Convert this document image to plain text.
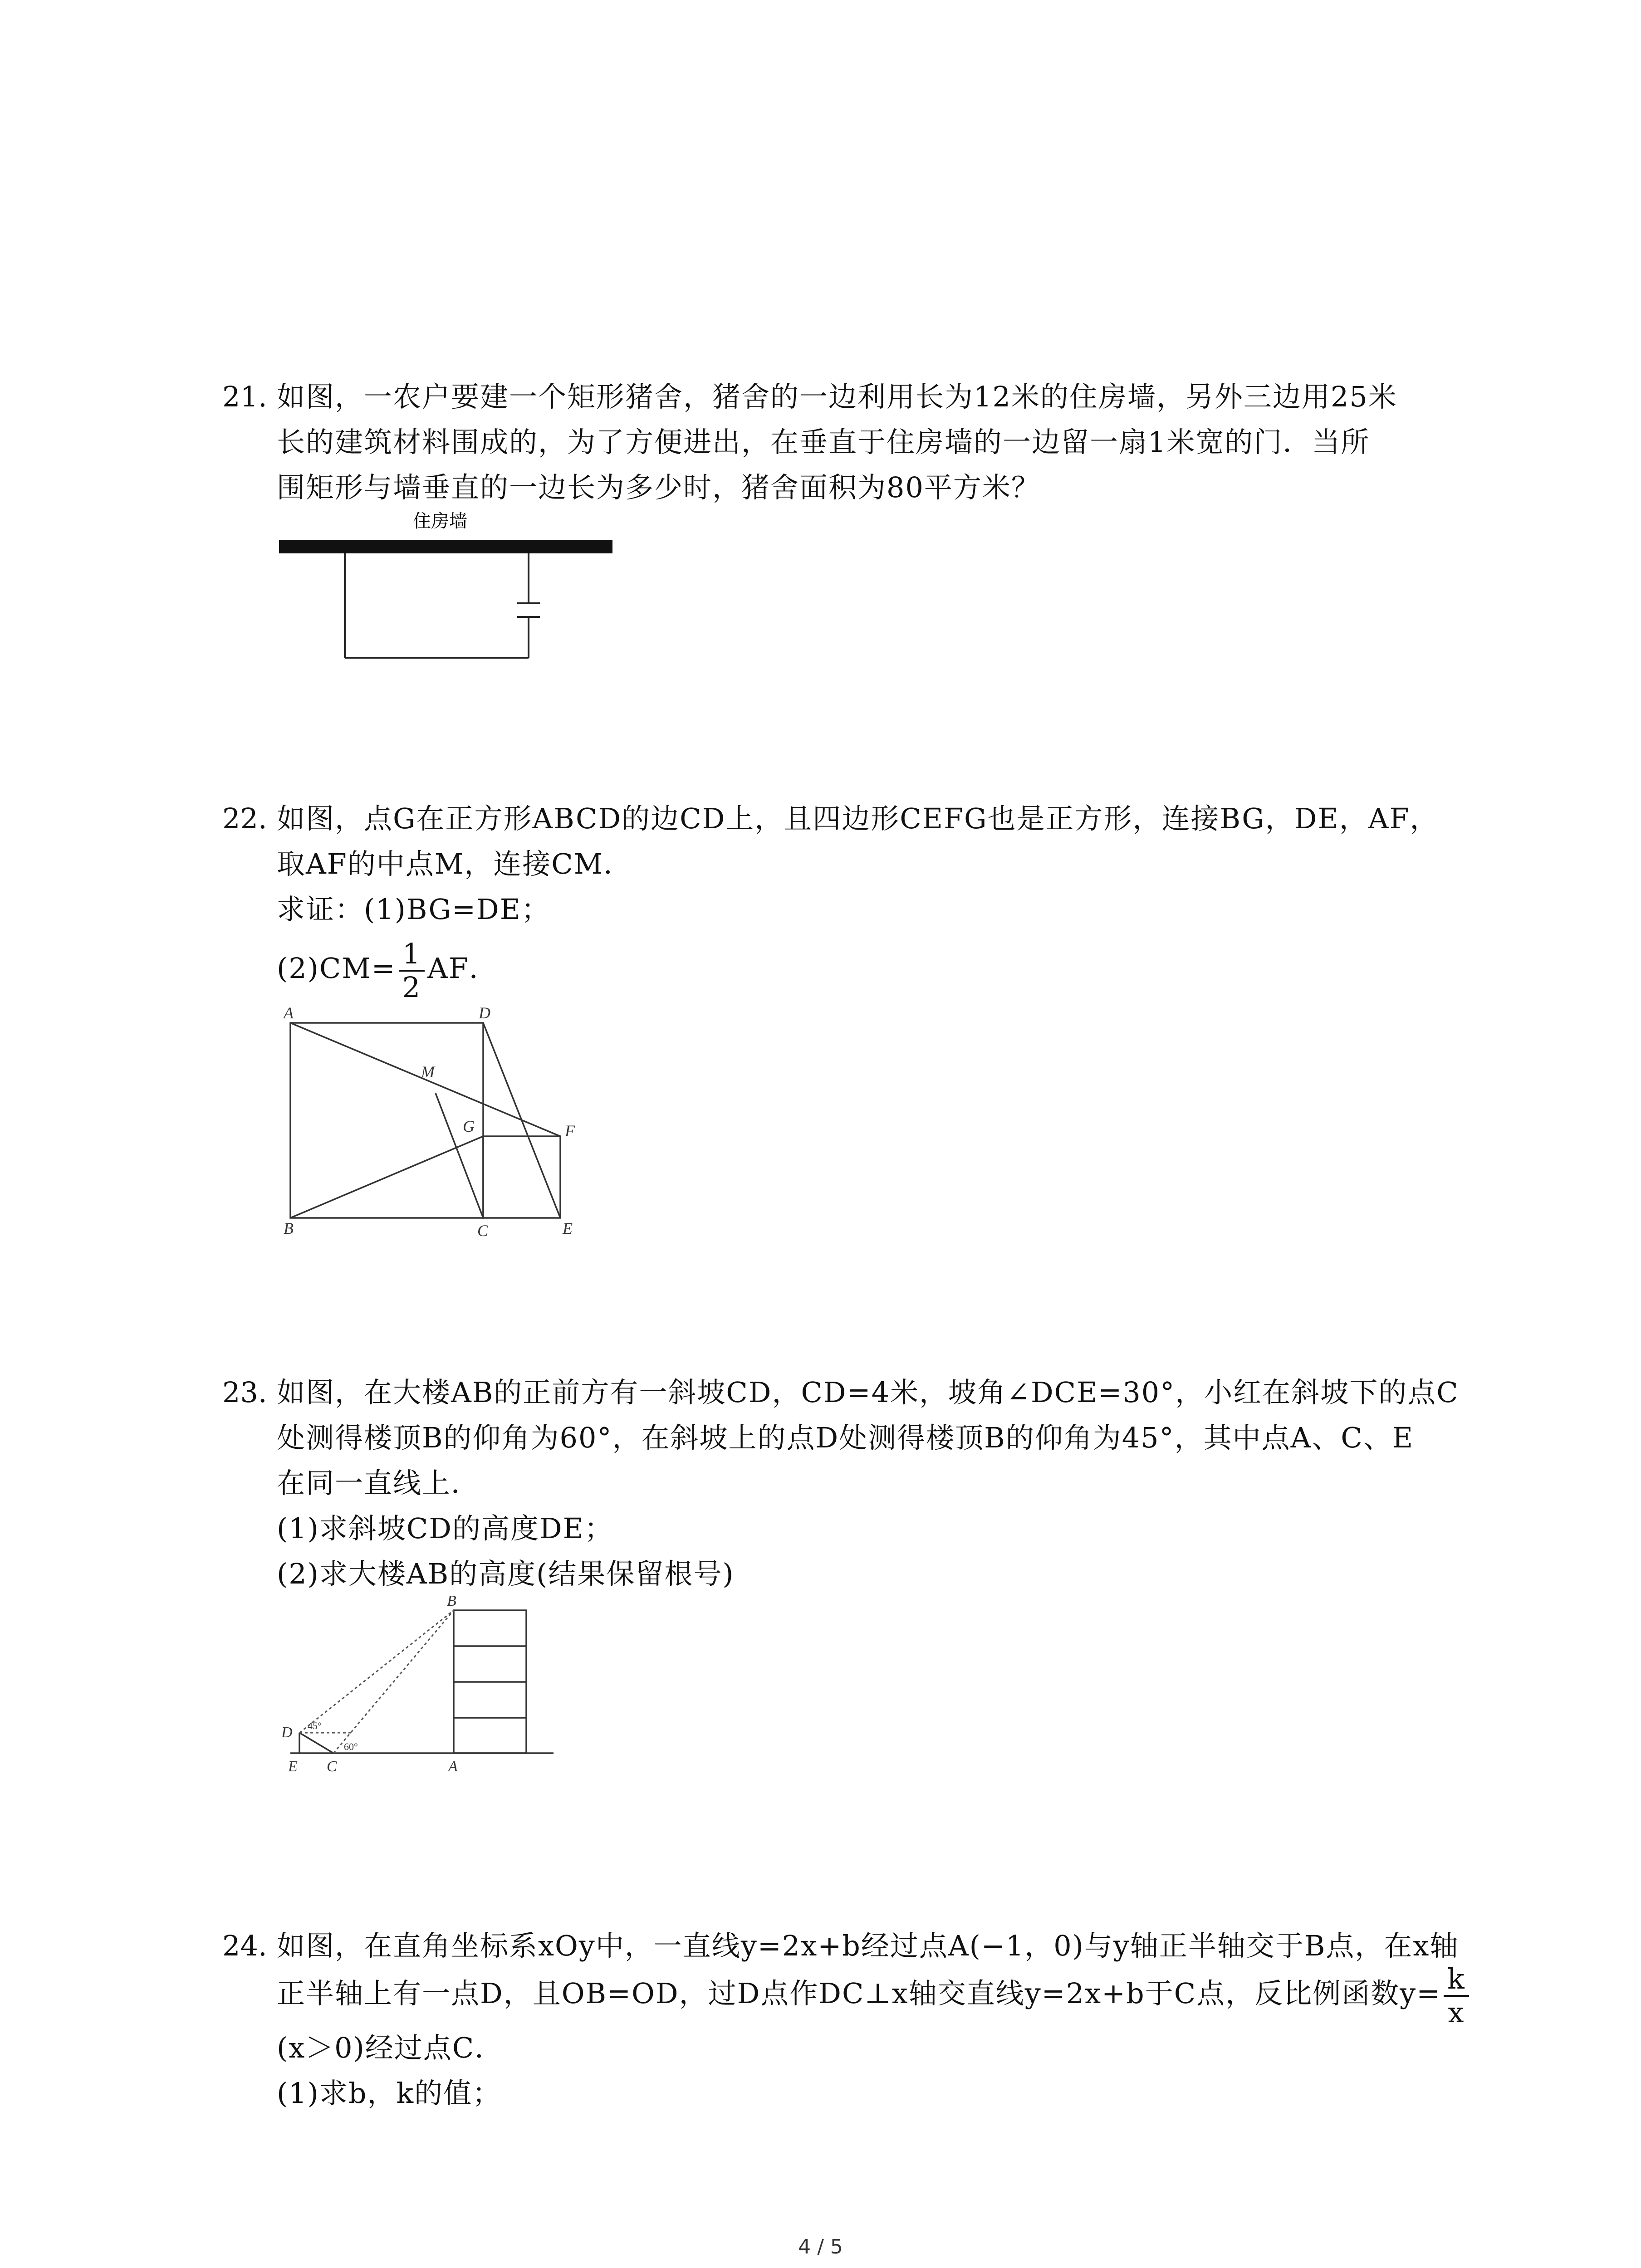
21. 如图，一农户要建一个矩形猪舍，猪舍的一边利用长为12米的住房墙，另外三边用25米
长的建筑材料围成的，为了方便进出，在垂直于住房墙的一边留一扇1米宽的门．当所
围矩形与墙垂直的一边长为多少时，猪舍面积为80平方米？
住房墙
22. 如图，点G在正方形ABCD的边CD上，且四边形CEFG也是正方形，连接BG，DE，AF，
取AF的中点M，连接CM．
求证：(1)BG=DE；
$(2)CM= \frac{1}{2}$ AF．
A	D
M
G	F
B	C	E
23. 如图，在大楼AB的正前方有一斜坡CD，CD=4米，坡角∠DCE=30°，小红在斜坡下的点C
处测得楼顶B的仰角为60°，在斜坡上的点D处测得楼顶B的仰角为45°，其中点A、C、E
在同一直线上．
(1)求斜坡CD的高度DE；
(2)求大楼AB的高度(结果保留根号)
B
D
E C	A
45°
60°
24. 如图，在直角坐标系xOy中，一直线y=2x+b经过点A(−1，0)与y轴正半轴交于B点，在x轴
正半轴上有一点D，且OB=OD，过D点作DC⊥x轴交直线y=2x+b于C点，反比例函数$y= \frac{k}{x}$
(x＞0)经过点C．
(1)求b，k的值；
4 / 5
